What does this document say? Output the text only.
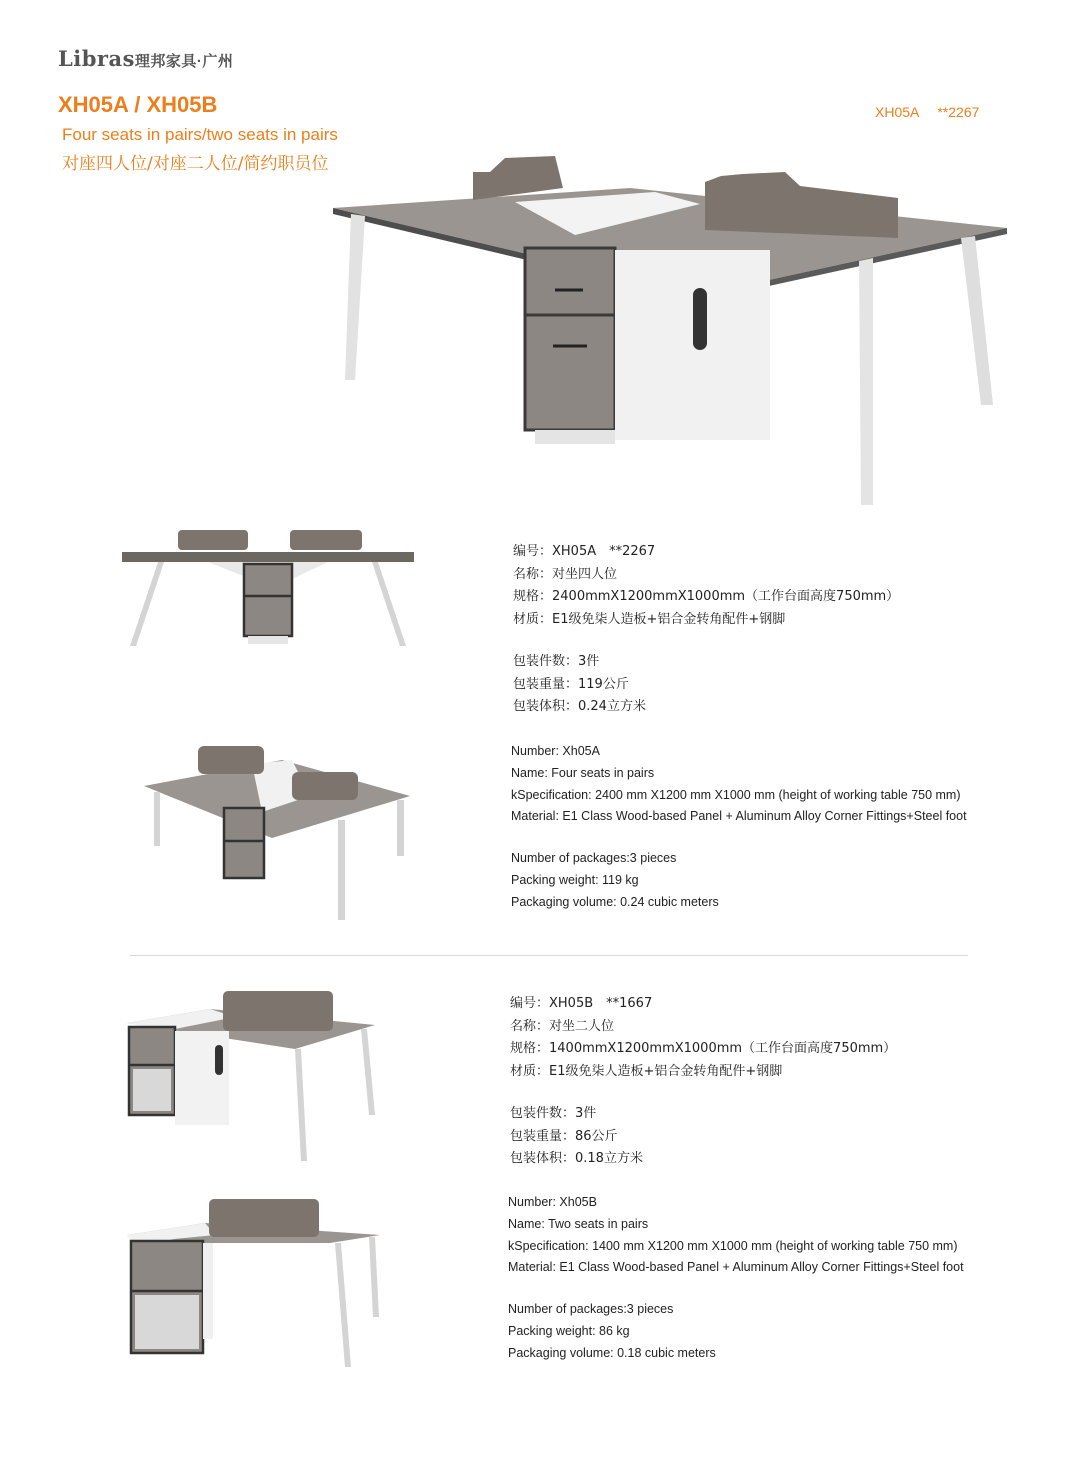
Libras理邦家具·广州
XH05A / XH05B
Four seats in pairs/two seats in pairs
对座四人位/对座二人位/简约职员位
XH05A **2267
编号：XH05A　**2267
名称：对坐四人位
规格：2400mmX1200mmX1000mm（工作台面高度750mm）
材质：E1级免柒人造板+铝合金转角配件+钢脚
包装件数：3件
包装重量：119公斤
包装体积：0.24立方米
Number: Xh05A
Name: Four seats in pairs
kSpecification: 2400 mm X1200 mm X1000 mm (height of working table 750 mm)
Material: E1 Class Wood-based Panel + Aluminum Alloy Corner Fittings+Steel foot
Number of packages:3 pieces
Packing weight: 119 kg
Packaging volume: 0.24 cubic meters
编号：XH05B　**1667
名称：对坐二人位
规格：1400mmX1200mmX1000mm（工作台面高度750mm）
材质：E1级免柒人造板+铝合金转角配件+钢脚
包装件数：3件
包装重量：86公斤
包装体积：0.18立方米
Number: Xh05B
Name: Two seats in pairs
kSpecification: 1400 mm X1200 mm X1000 mm (height of working table 750 mm)
Material: E1 Class Wood-based Panel + Aluminum Alloy Corner Fittings+Steel foot
Number of packages:3 pieces
Packing weight: 86 kg
Packaging volume: 0.18 cubic meters
